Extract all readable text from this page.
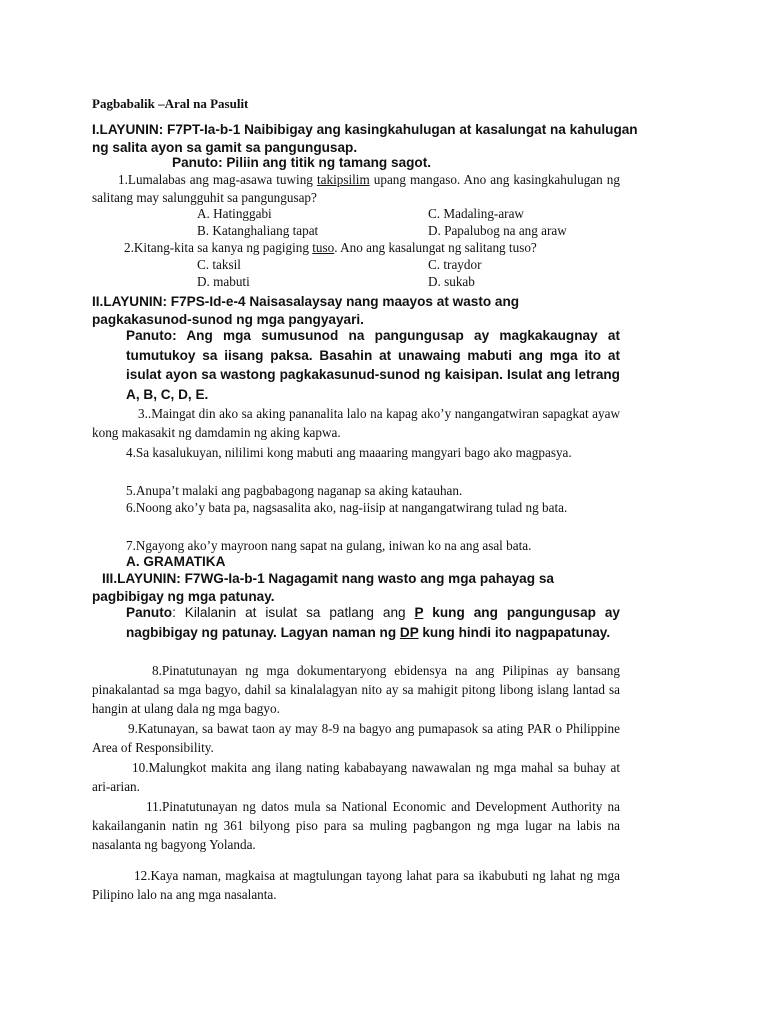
Pagbabalik –Aral na Pasulit
I.LAYUNIN: F7PT-Ia-b-1 Naibibigay ang kasingkahulugan at kasalungat na kahulugan ng salita ayon sa gamit sa pangungusap.
Panuto: Piliin ang titik ng tamang sagot.
1.Lumalabas ang mag-asawa tuwing takipsilim upang mangaso. Ano ang kasingkahulugan ng salitang may salungguhit sa pangungusap?
A. Hatinggabi	C. Madaling-araw
B. Katanghaliang tapat	D. Papalubog na ang araw
2.Kitang-kita sa kanya ng pagiging tuso. Ano ang kasalungat ng salitang tuso?
C. taksil	C. traydor
D. mabuti	D. sukab
II.LAYUNIN: F7PS-Id-e-4 Naisasalaysay nang maayos at wasto ang pagkakasunod-sunod ng mga pangyayari.
Panuto: Ang mga sumusunod na pangungusap ay magkakaugnay at tumutukoy sa iisang paksa. Basahin at unawaing mabuti ang mga ito at isulat ayon sa wastong pagkakasunud-sunod ng kaisipan. Isulat ang letrang A, B, C, D, E.
3..Maingat din ako sa aking pananalita lalo na kapag ako’y nangangatwiran sapagkat ayaw kong makasakit ng damdamin ng aking kapwa.
4.Sa kasalukuyan, nililimi kong mabuti ang maaaring mangyari bago ako magpasya.
5.Anupa’t malaki ang pagbabagong naganap sa aking katauhan.
6.Noong ako’y bata pa, nagsasalita ako, nag-iisip at nangangatwirang tulad ng bata.
7.Ngayong ako’y mayroon nang sapat na gulang, iniwan ko na ang asal bata.
A. GRAMATIKA
III.LAYUNIN: F7WG-Ia-b-1 Nagagamit nang wasto ang mga pahayag sa pagbibigay ng mga patunay.
Panuto: Kilalanin at isulat sa patlang ang P kung ang pangungusap ay nagbibigay ng patunay. Lagyan naman ng DP kung hindi ito nagpapatunay.
8.Pinatutunayan ng mga dokumentaryong ebidensya na ang Pilipinas ay bansang pinakalantad sa mga bagyo, dahil sa kinalalagyan nito ay sa mahigit pitong libong islang lantad sa hangin at ulang dala ng mga bagyo.
9.Katunayan, sa bawat taon ay may 8-9 na bagyo ang pumapasok sa ating PAR o Philippine Area of Responsibility.
10.Malungkot makita ang ilang nating kababayang nawawalan ng mga mahal sa buhay at ari-arian.
11.Pinatutunayan ng datos mula sa National Economic and Development Authority na kakailanganin natin ng 361 bilyong piso para sa muling pagbangon ng mga lugar na labis na nasalanta ng bagyong Yolanda.
12.Kaya naman, magkaisa at magtulungan tayong lahat para sa ikabubuti ng lahat ng mga Pilipino lalo na ang mga nasalanta.
